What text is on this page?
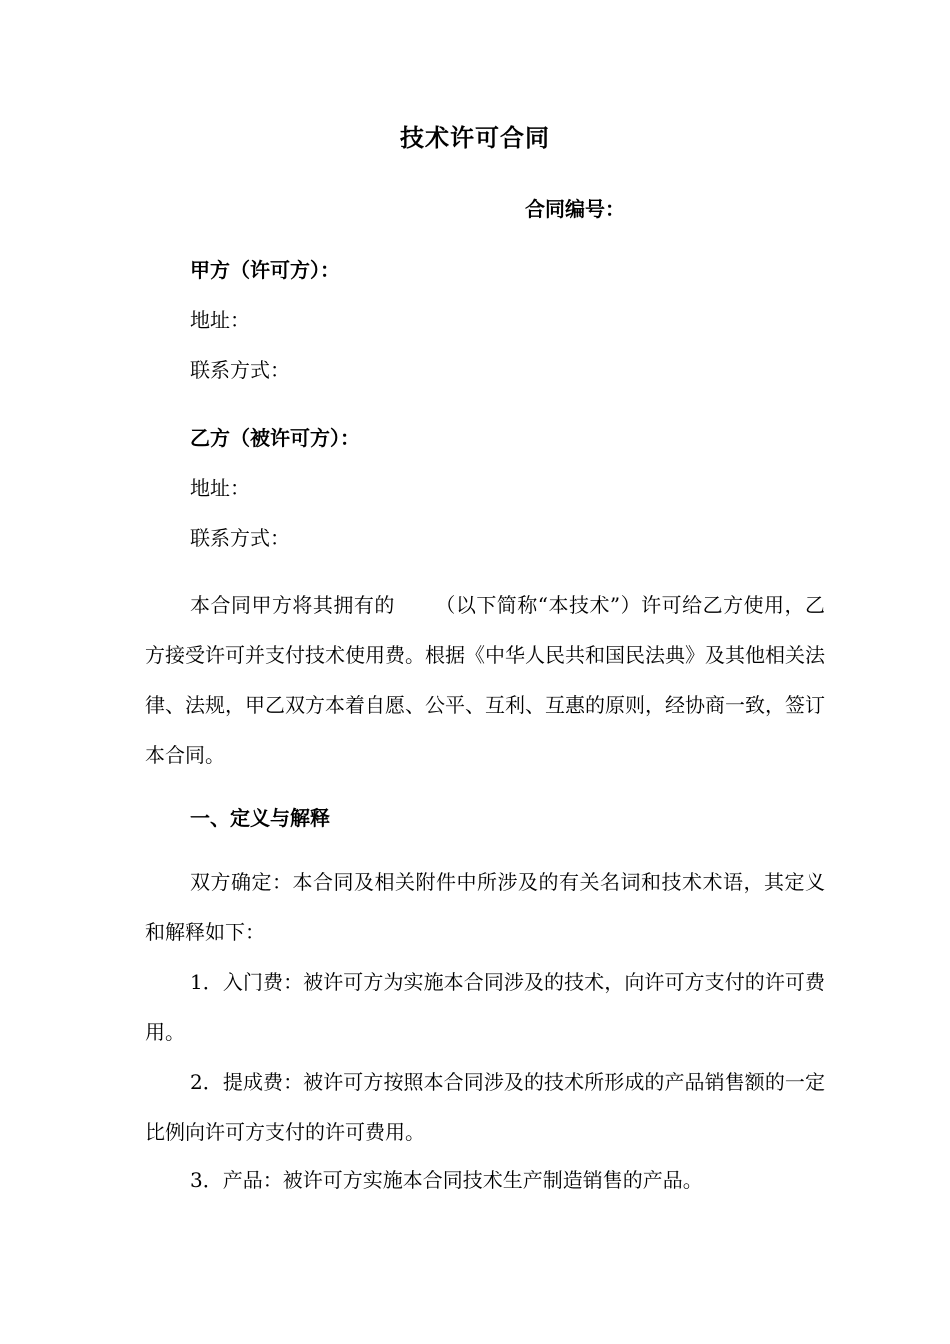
技术许可合同
合同编号：
甲方（许可方）：
地址：
联系方式：
乙方（被许可方）：
地址：
联系方式：
本合同甲方将其拥有的 （以下简称“本技术”）许可给乙方使用，乙方接受许可并支付技术使用费。根据《中华人民共和国民法典》及其他相关法律、法规，甲乙双方本着自愿、公平、互利、互惠的原则，经协商一致，签订本合同。
一、定义与解释
双方确定：本合同及相关附件中所涉及的有关名词和技术术语，其定义和解释如下：
1．入门费：被许可方为实施本合同涉及的技术，向许可方支付的许可费用。
2．提成费：被许可方按照本合同涉及的技术所形成的产品销售额的一定比例向许可方支付的许可费用。
3．产品：被许可方实施本合同技术生产制造销售的产品。
